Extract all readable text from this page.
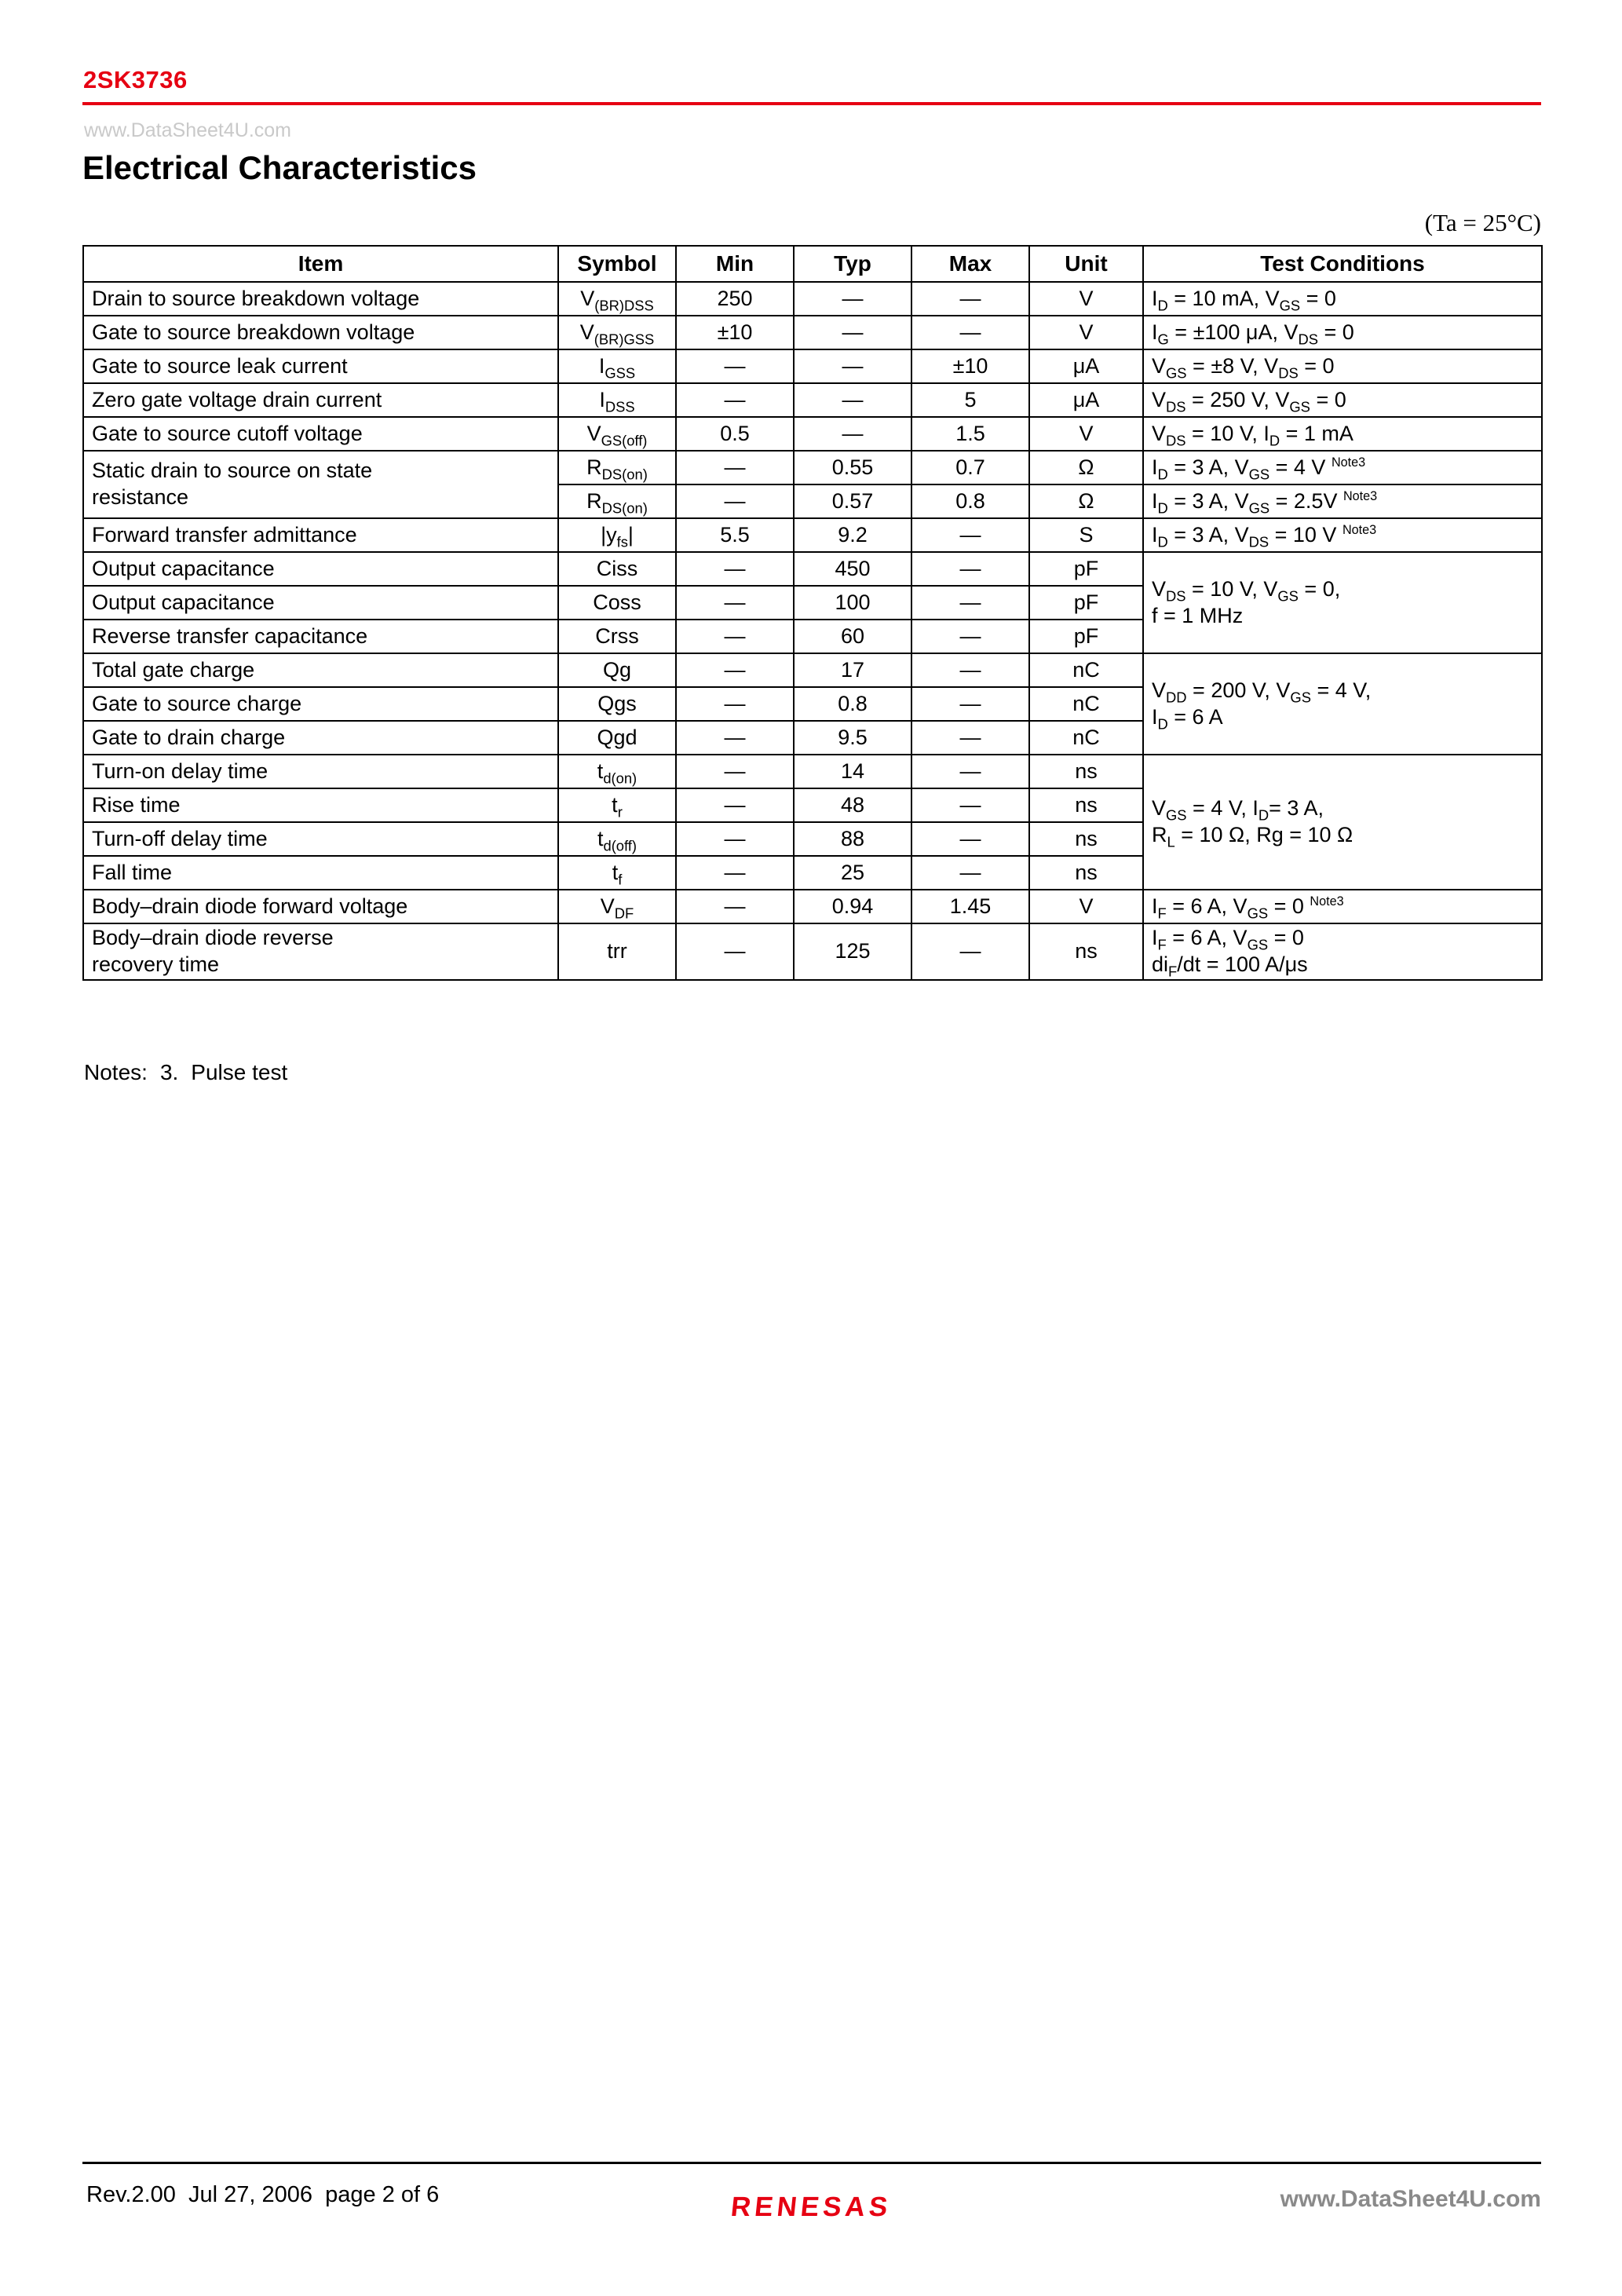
2SK3736
www.DataSheet4U.com
Electrical Characteristics
(Ta = 25°C)
Item	Symbol	Min	Typ	Max	Unit	Test Conditions
Drain to source breakdown voltage	$V_{(BR)DSS}$	250	—	—	V	$I_D = 10$ mA, $V_{GS} = 0$
Gate to source breakdown voltage	$V_{(BR)GSS}$	±10	—	—	V	$I_G = \pm 100$ μA, $V_{DS} = 0$
Gate to source leak current	$I_{GSS}$	—	—	±10	μA	$V_{GS} = \pm 8$ V, $V_{DS} = 0$
Zero gate voltage drain current	$I_{DSS}$	—	—	5	μA	$V_{DS} = 250$ V, $V_{GS} = 0$
Gate to source cutoff voltage	$V_{GS(off)}$	0.5	—	1.5	V	$V_{DS} = 10$ V, $I_D = 1$ mA
Static drain to source on state
resistance	$R_{DS(on)}$	—	0.55	0.7	Ω	$I_D = 3$ A, $V_{GS} = 4$ V $^{Note3}$
	$R_{DS(on)}$	—	0.57	0.8	Ω	$I_D = 3$ A, $V_{GS} = 2.5V$ $^{Note3}$
Forward transfer admittance	$|y_{fs}|$	5.5	9.2	—	S	$I_D = 3$ A, $V_{DS} = 10$ V $^{Note3}$
Output capacitance	Ciss	—	450	—	pF	$V_{DS} = 10$ V, $V_{GS} = 0$,
f = 1 MHz
Output capacitance	Coss	—	100	—	pF	
Reverse transfer capacitance	Crss	—	60	—	pF	
Total gate charge	Qg	—	17	—	nC	$V_{DD} = 200$ V, $V_{GS} = 4$ V,
$I_D = 6$ A
Gate to source charge	Qgs	—	0.8	—	nC	
Gate to drain charge	Qgd	—	9.5	—	nC	
Turn-on delay time	$t_{d(on)}$	—	14	—	ns	$V_{GS} = 4$ V, $I_D= 3$ A,
$R_L = 10$ Ω, Rg = 10 Ω
Rise time	$t_r$	—	48	—	ns	
Turn-off delay time	$t_{d(off)}$	—	88	—	ns	
Fall time	$t_f$	—	25	—	ns	
Body–drain diode forward voltage	$V_{DF}$	—	0.94	1.45	V	$I_F = 6$ A, $V_{GS} = 0$ $^{Note3}$
Body–drain diode reverse
recovery time	trr	—	125	—	ns	$I_F = 6$ A, $V_{GS} = 0$
$di_F/dt = 100$ A/μs
Notes: 3. Pulse test
Rev.2.00  Jul 27, 2006  page 2 of 6	RENESAS	www.DataSheet4U.com
